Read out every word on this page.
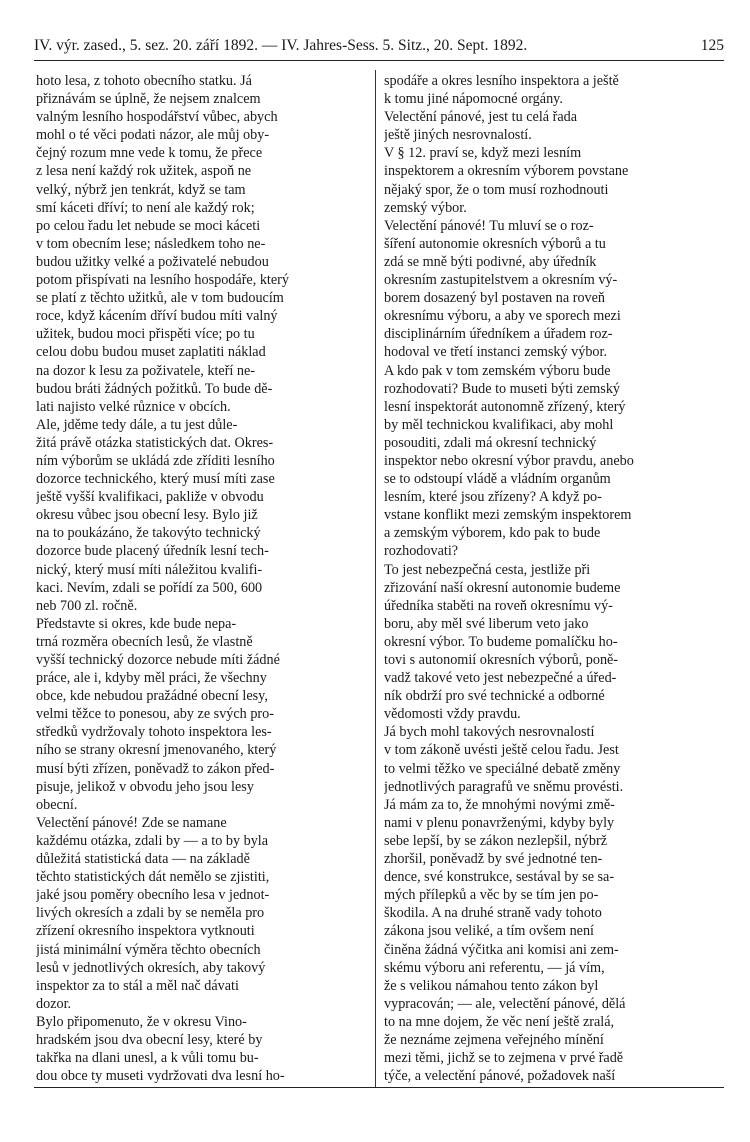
IV. výr. zased., 5. sez. 20. září 1892. — IV. Jahres-Sess. 5. Sitz., 20. Sept. 1892.	125
hoto lesa, z tohoto obecního statku. Já
přiznávám se úplně, že nejsem znalcem
valným lesního hospodářství vůbec, abych
mohl o té věci podati názor, ale můj oby-
čejný rozum mne vede k tomu, že přece
z lesa není každý rok užitek, aspoň ne
velký, nýbrž jen tenkrát, když se tam
smí káceti dříví; to není ale každý rok;
po celou řadu let nebude se moci káceti
v tom obecním lese; následkem toho ne-
budou užitky velké a poživatelé nebudou
potom přispívati na lesního hospodáře, který
se platí z těchto užitků, ale v tom budoucím
roce, když kácením dříví budou míti valný
užitek, budou moci přispěti více; po tu
celou dobu budou muset zaplatiti náklad
na dozor k lesu za poživatele, kteří ne-
budou bráti žádných požitků. To bude dě-
lati najisto velké různice v obcích.
Ale, jděme tedy dále, a tu jest důle-
žitá právě otázka statistických dat. Okres-
ním výborům se ukládá zde zříditi lesního
dozorce technického, který musí míti zase
ještě vyšší kvalifikaci, pakliže v obvodu
okresu vůbec jsou obecní lesy. Bylo již
na to poukázáno, že takovýto technický
dozorce bude placený úředník lesní tech-
nický, který musí míti náležitou kvalifi-
kaci. Nevím, zdali se pořídí za 500, 600
neb 700 zl. ročně.
Představte si okres, kde bude nepa-
trná rozměra obecních lesů, že vlastně
vyšší technický dozorce nebude míti žádné
práce, ale i, kdyby měl práci, že všechny
obce, kde nebudou pražádné obecní lesy,
velmi těžce to ponesou, aby ze svých pro-
středků vydržovaly tohoto inspektora les-
ního se strany okresní jmenovaného, který
musí býti zřízen, poněvadž to zákon před-
pisuje, jelikož v obvodu jeho jsou lesy
obecní.
Velectění pánové! Zde se namane
každému otázka, zdali by — a to by byla
důležitá statistická data — na základě
těchto statistických dát nemělo se zjistiti,
jaké jsou poměry obecního lesa v jednot-
livých okresích a zdali by se neměla pro
zřízení okresního inspektora vytknouti
jistá minimální výměra těchto obecních
lesů v jednotlivých okresích, aby takový
inspektor za to stál a měl nač dávati
dozor.
Bylo připomenuto, že v okresu Vino-
hradském jsou dva obecní lesy, které by
takřka na dlani unesl, a k vůli tomu bu-
dou obce ty museti vydržovati dva lesní ho-
spodáře a okres lesního inspektora a ještě
k tomu jiné nápomocné orgány.
Velectění pánové, jest tu celá řada
ještě jiných nesrovnalostí.
V § 12. praví se, když mezi lesním
inspektorem a okresním výborem povstane
nějaký spor, že o tom musí rozhodnouti
zemský výbor.
Velectění pánové! Tu mluví se o roz-
šíření autonomie okresních výborů a tu
zdá se mně býti podivné, aby úředník
okresním zastupitelstvem a okresním vý-
borem dosazený byl postaven na roveň
okresnímu výboru, a aby ve sporech mezi
disciplinárním úředníkem a úřadem roz-
hodoval ve třetí instanci zemský výbor.
A kdo pak v tom zemském výboru bude
rozhodovati? Bude to museti býti zemský
lesní inspektorát autonomně zřízený, který
by měl technickou kvalifikaci, aby mohl
posouditi, zdali má okresní technický
inspektor nebo okresní výbor pravdu, anebo
se to odstoupí vládě a vládním organům
lesním, které jsou zřízeny? A když po-
vstane konflikt mezi zemským inspektorem
a zemským výborem, kdo pak to bude
rozhodovati?
To jest nebezpečná cesta, jestliže při
zřizování naší okresní autonomie budeme
úředníka staběti na roveň okresnímu vý-
boru, aby měl své liberum veto jako
okresní výbor. To budeme pomalíčku ho-
tovi s autonomií okresních výborů, poně-
vadž takové veto jest nebezpečné a úřed-
ník obdrží pro své technické a odborné
vědomosti vždy pravdu.
Já bych mohl takových nesrovnalostí
v tom zákoně uvésti ještě celou řadu. Jest
to velmi těžko ve speciálné debatě změny
jednotlivých paragrafů ve sněmu provésti.
Já mám za to, že mnohými novými změ-
nami v plenu ponavrženými, kdyby byly
sebe lepší, by se zákon nezlepšil, nýbrž
zhoršil, poněvadž by své jednotné ten-
dence, své konstrukce, sestával by se sa-
mých přílepků a věc by se tím jen po-
škodila. A na druhé straně vady tohoto
zákona jsou veliké, a tím ovšem není
činěna žádná výčitka ani komisi ani zem-
skému výboru ani referentu, — já vím,
že s velikou námahou tento zákon byl
vypracován; — ale, velectění pánové, dělá
to na mne dojem, že věc není ještě zralá,
že neznáme zejmena veřejného mínění
mezi těmi, jichž se to zejmena v prvé řadě
týče, a velectění pánové, požadovek naší
